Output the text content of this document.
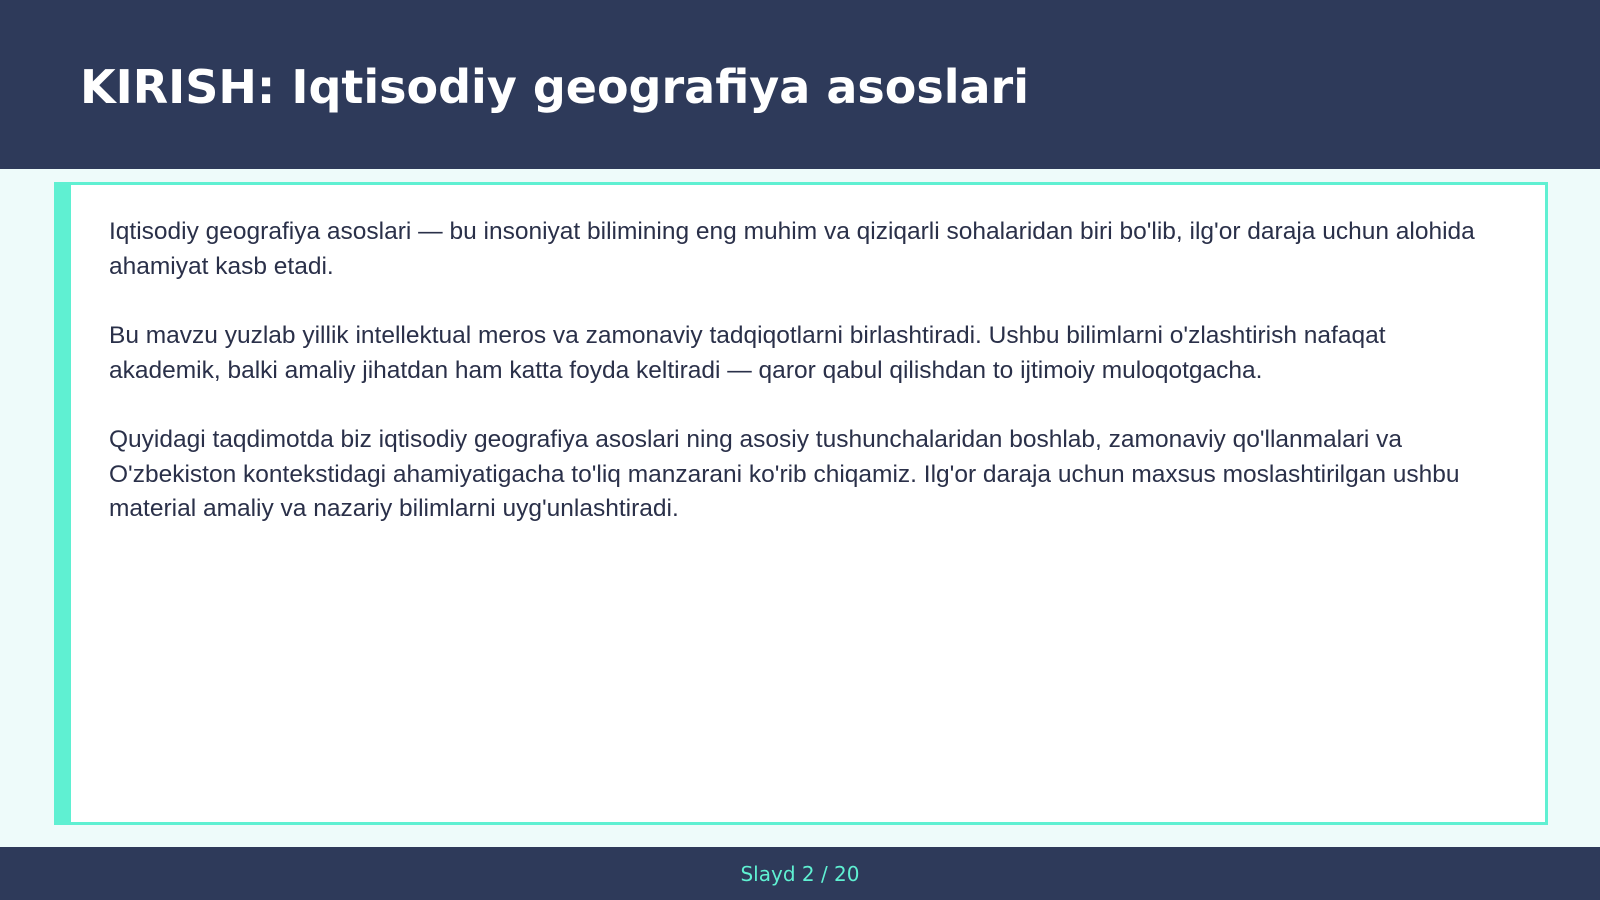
KIRISH: Iqtisodiy geografiya asoslari

Iqtisodiy geografiya asoslari — bu insoniyat bilimining eng muhim va qiziqarli sohalaridan biri bo'lib, ilg'or daraja uchun alohida ahamiyat kasb etadi.

Bu mavzu yuzlab yillik intellektual meros va zamonaviy tadqiqotlarni birlashtiradi. Ushbu bilimlarni o'zlashtirish nafaqat akademik, balki amaliy jihatdan ham katta foyda keltiradi — qaror qabul qilishdan to ijtimoiy muloqotgacha.

Quyidagi taqdimotda biz iqtisodiy geografiya asoslari ning asosiy tushunchalaridan boshlab, zamonaviy qo'llanmalari va O'zbekiston kontekstidagi ahamiyatigacha to'liq manzarani ko'rib chiqamiz. Ilg'or daraja uchun maxsus moslashtirilgan ushbu material amaliy va nazariy bilimlarni uyg'unlashtiradi.

Slayd 2 / 20
